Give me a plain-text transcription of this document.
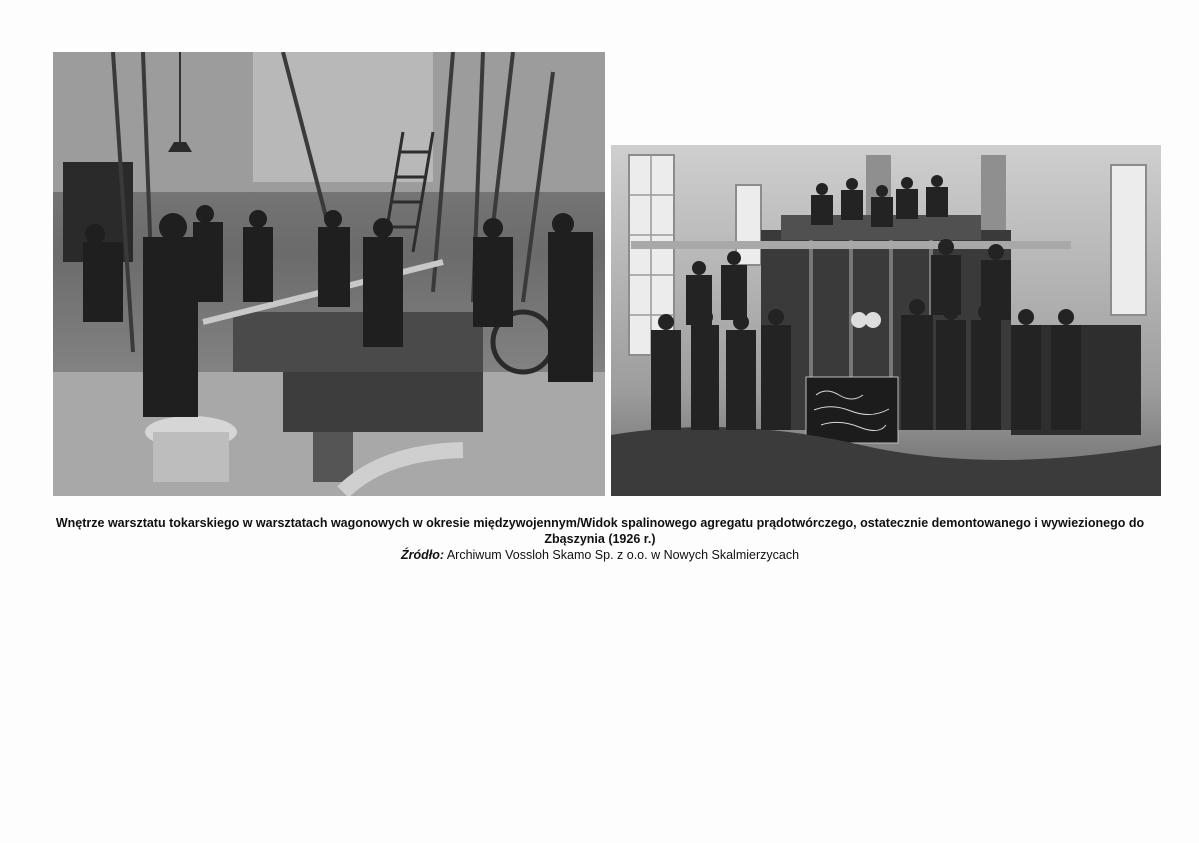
Wnętrze warsztatu tokarskiego w warsztatach wagonowych w okresie międzywojennym/Widok spalinowego agregatu prądotwórczego, ostatecznie demontowanego i wywiezionego do Zbąszynia (1926 r.)
Źródło: Archiwum Vossloh Skamo Sp. z o.o. w Nowych Skalmierzycach
